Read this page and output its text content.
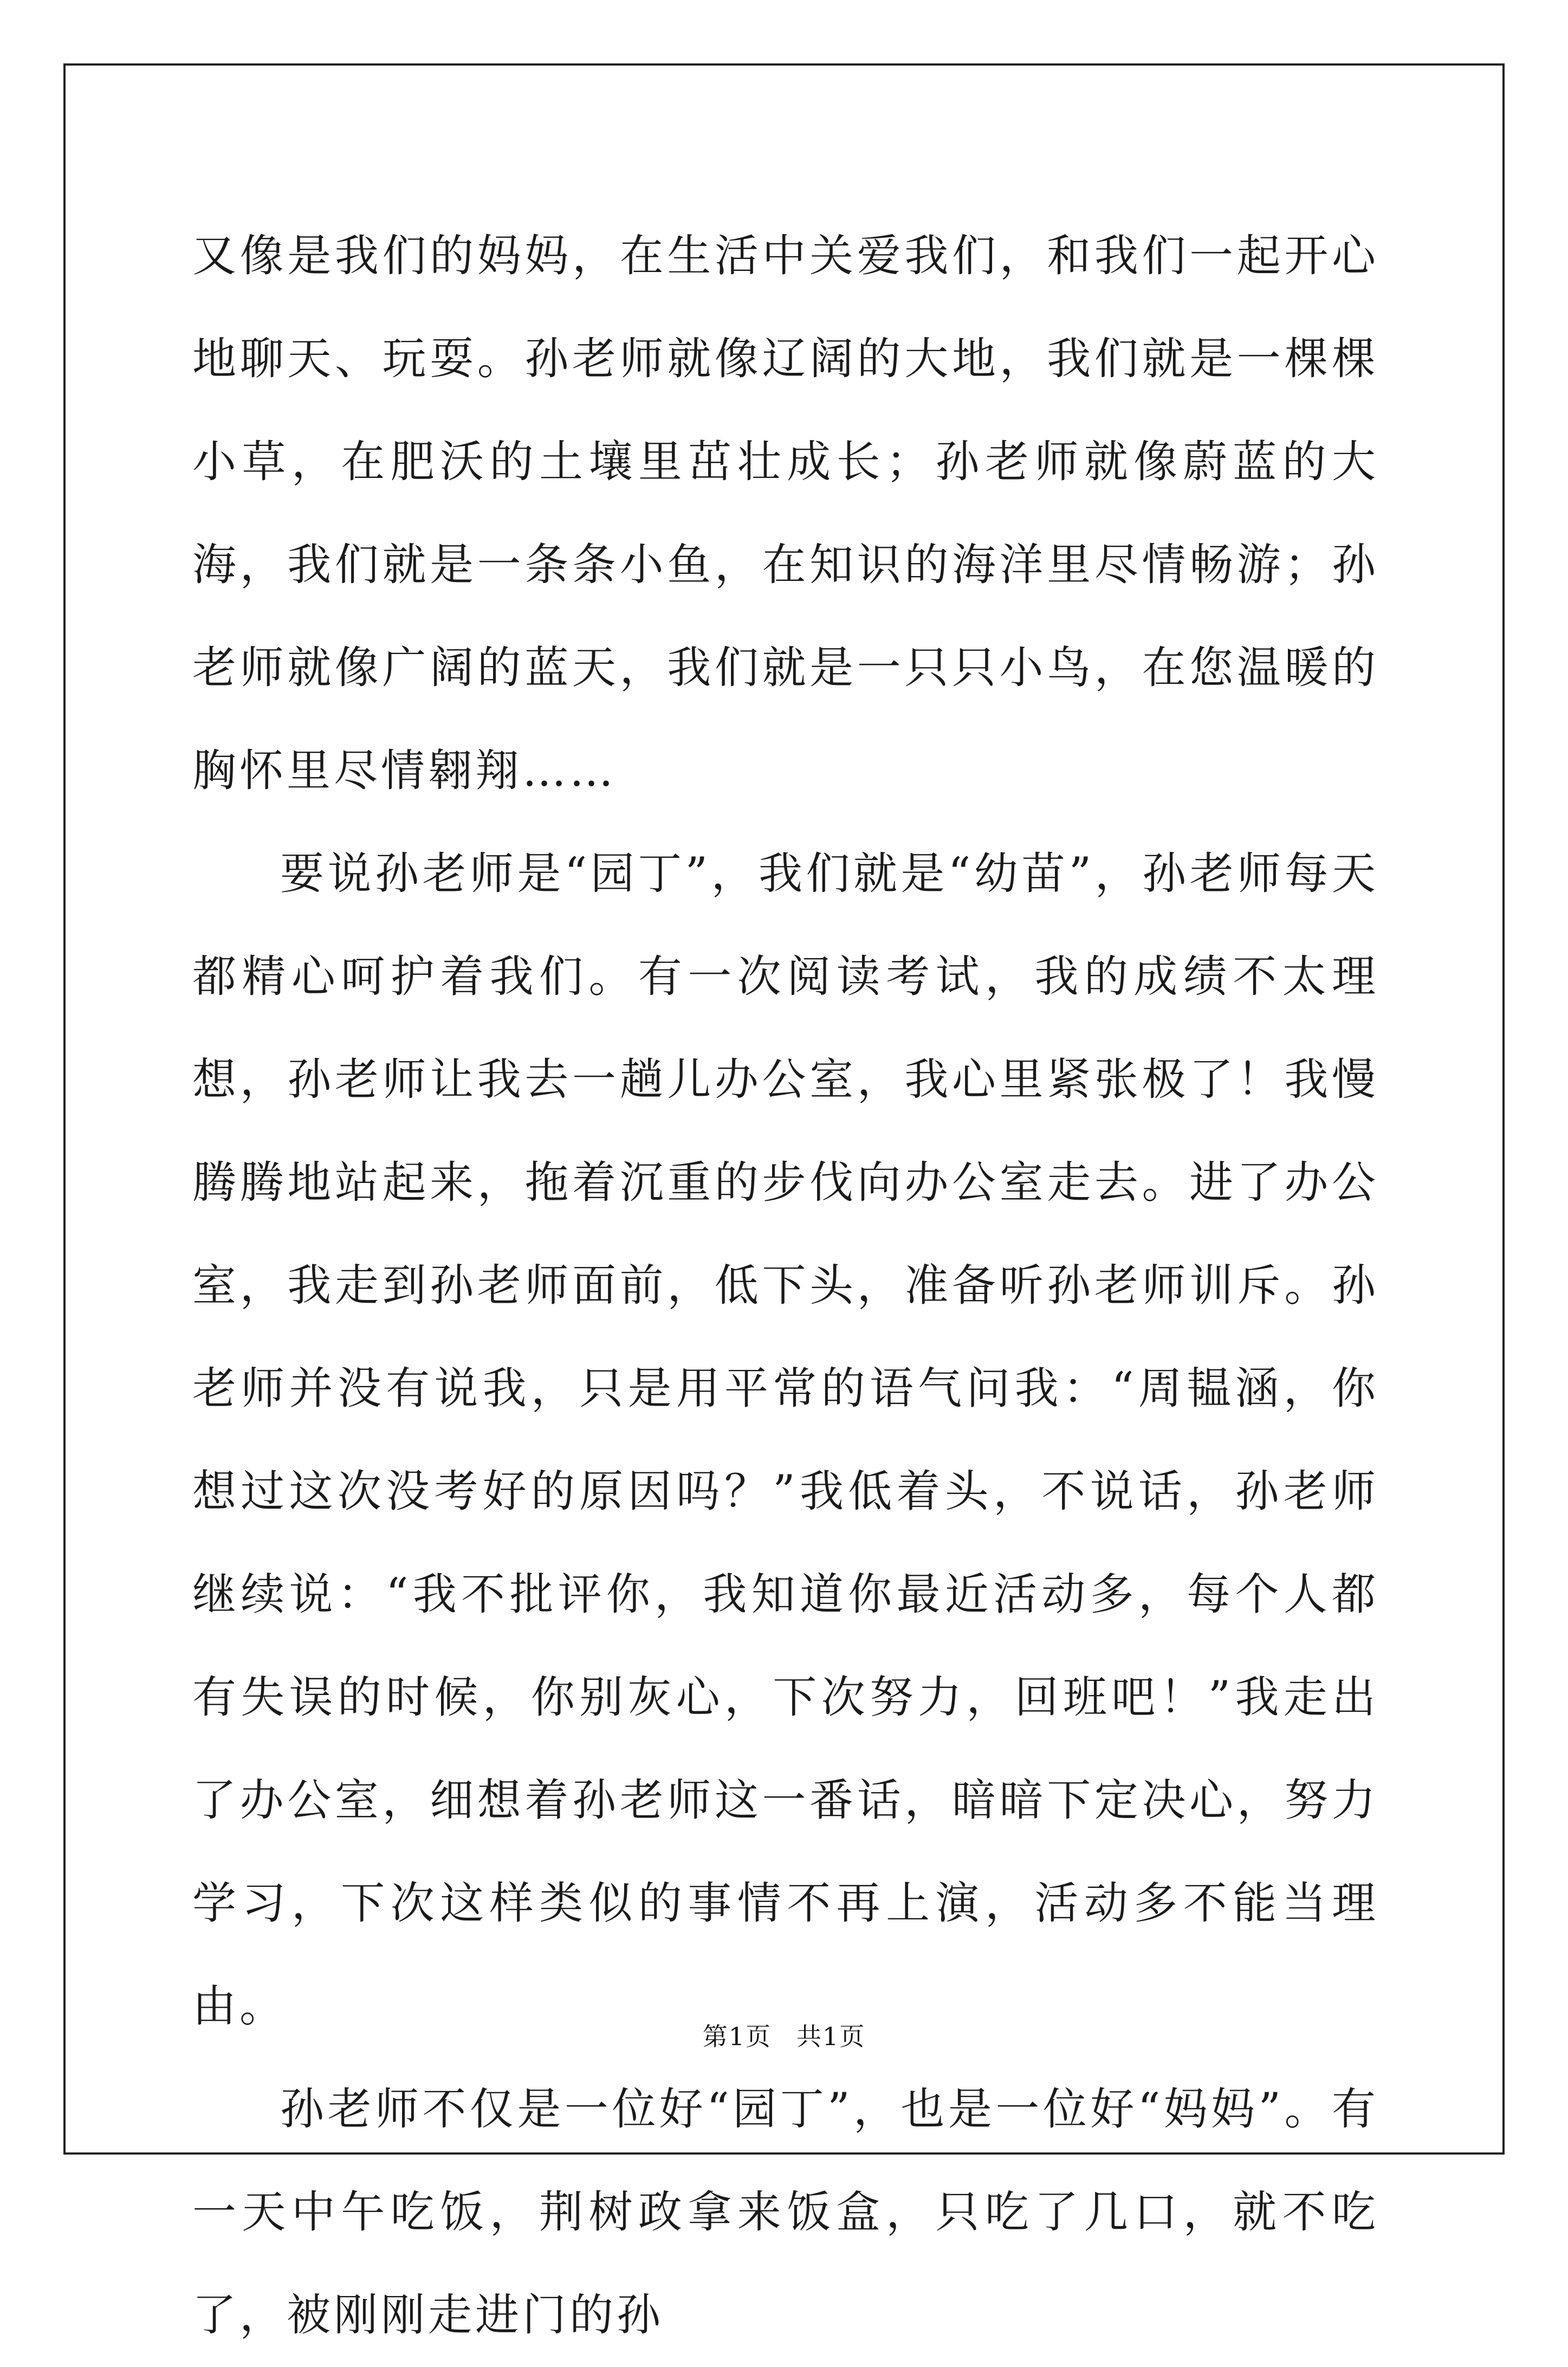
又像是我们的妈妈，在生活中关爱我们，和我们一起开心地聊天、玩耍。孙老师就像辽阔的大地，我们就是一棵棵小草，在肥沃的土壤里茁壮成长；孙老师就像蔚蓝的大海，我们就是一条条小鱼，在知识的海洋里尽情畅游；孙老师就像广阔的蓝天，我们就是一只只小鸟，在您温暖的胸怀里尽情翱翔……

要说孙老师是“园丁”，我们就是“幼苗”，孙老师每天都精心呵护着我们。有一次阅读考试，我的成绩不太理想，孙老师让我去一趟儿办公室，我心里紧张极了！我慢腾腾地站起来，拖着沉重的步伐向办公室走去。进了办公室，我走到孙老师面前，低下头，准备听孙老师训斥。孙老师并没有说我，只是用平常的语气问我：“周韫涵，你想过这次没考好的原因吗？”我低着头，不说话，孙老师继续说：“我不批评你，我知道你最近活动多，每个人都有失误的时候，你别灰心，下次努力，回班吧！”我走出了办公室，细想着孙老师这一番话，暗暗下定决心，努力学习，下次这样类似的事情不再上演，活动多不能当理由。

孙老师不仅是一位好“园丁”，也是一位好“妈妈”。有一天中午吃饭，荆树政拿来饭盒，只吃了几口，就不吃了，被刚刚走进门的孙

第1页 共1页
